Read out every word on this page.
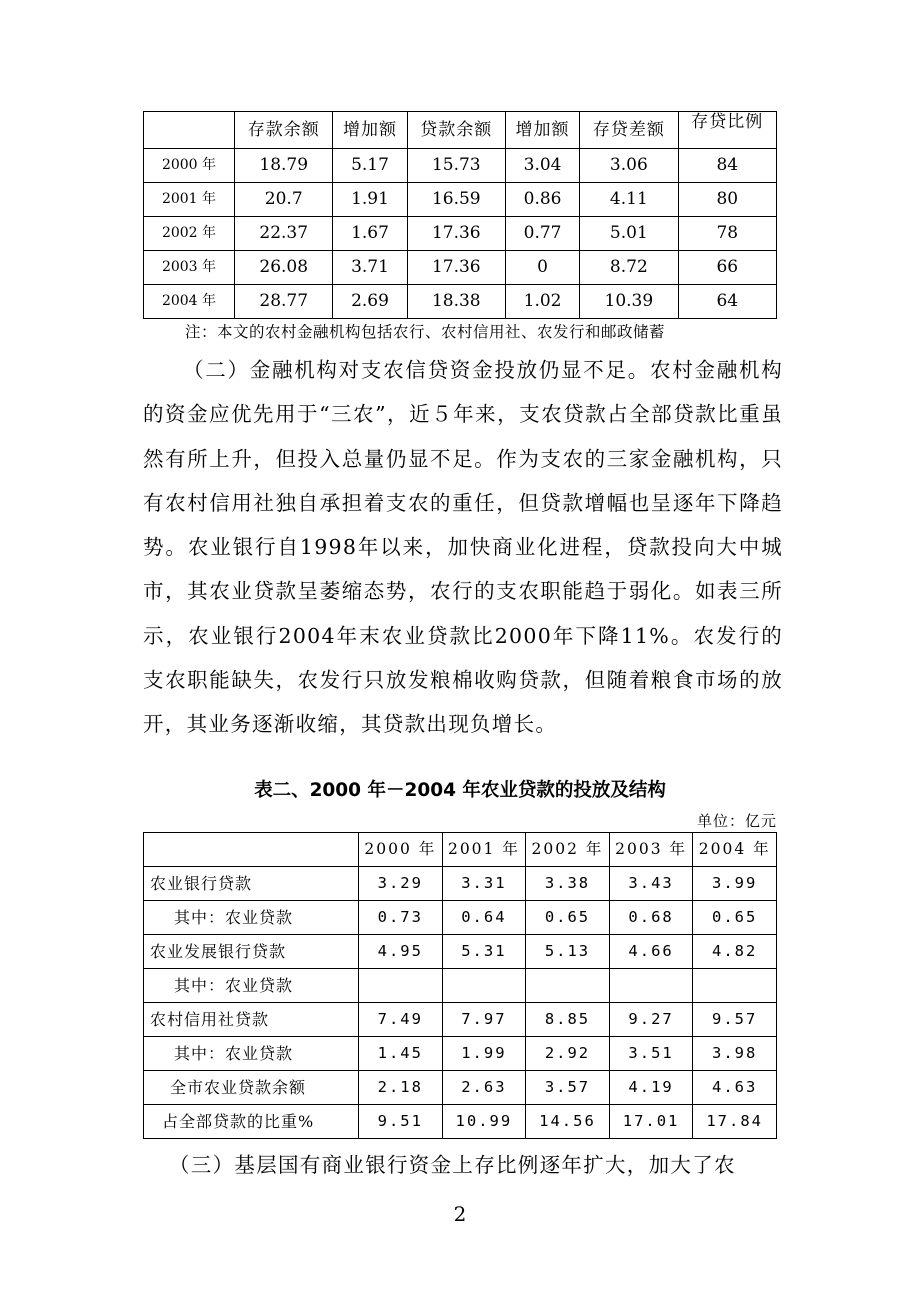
	存款余额	增加额	贷款余额	增加额	存贷差额	存贷比例

2000 年	18.79	5.17	15.73	3.04	3.06	84
2001 年	20.7	1.91	16.59	0.86	4.11	80
2002 年	22.37	1.67	17.36	0.77	5.01	78
2003 年	26.08	3.71	17.36	0	8.72	66
2004 年	28.77	2.69	18.38	1.02	10.39	64
注：本文的农村金融机构包括农行、农村信用社、农发行和邮政储蓄
（二）金融机构对支农信贷资金投放仍显不足。农村金融机构的资金应优先用于“三农”，近５年来，支农贷款占全部贷款比重虽然有所上升，但投入总量仍显不足。作为支农的三家金融机构，只有农村信用社独自承担着支农的重任，但贷款增幅也呈逐年下降趋势。农业银行自1998年以来，加快商业化进程，贷款投向大中城市，其农业贷款呈萎缩态势，农行的支农职能趋于弱化。如表三所示，农业银行2004年末农业贷款比2000年下降11%。农发行的支农职能缺失，农发行只放发粮棉收购贷款，但随着粮食市场的放开，其业务逐渐收缩，其贷款出现负增长。
表二、2000 年－2004 年农业贷款的投放及结构
单位：亿元
	2000 年	2001 年	2002 年	2003 年	2004 年
农业银行贷款	3.29	3.31	3.38	3.43	3.99
其中：农业贷款	0.73	0.64	0.65	0.68	0.65
农业发展银行贷款	4.95	5.31	5.13	4.66	4.82
其中：农业贷款					
农村信用社贷款	7.49	7.97	8.85	9.27	9.57
其中：农业贷款	1.45	1.99	2.92	3.51	3.98
全市农业贷款余额	2.18	2.63	3.57	4.19	4.63
占全部贷款的比重%	9.51	10.99	14.56	17.01	17.84
（三）基层国有商业银行资金上存比例逐年扩大，加大了农
2
